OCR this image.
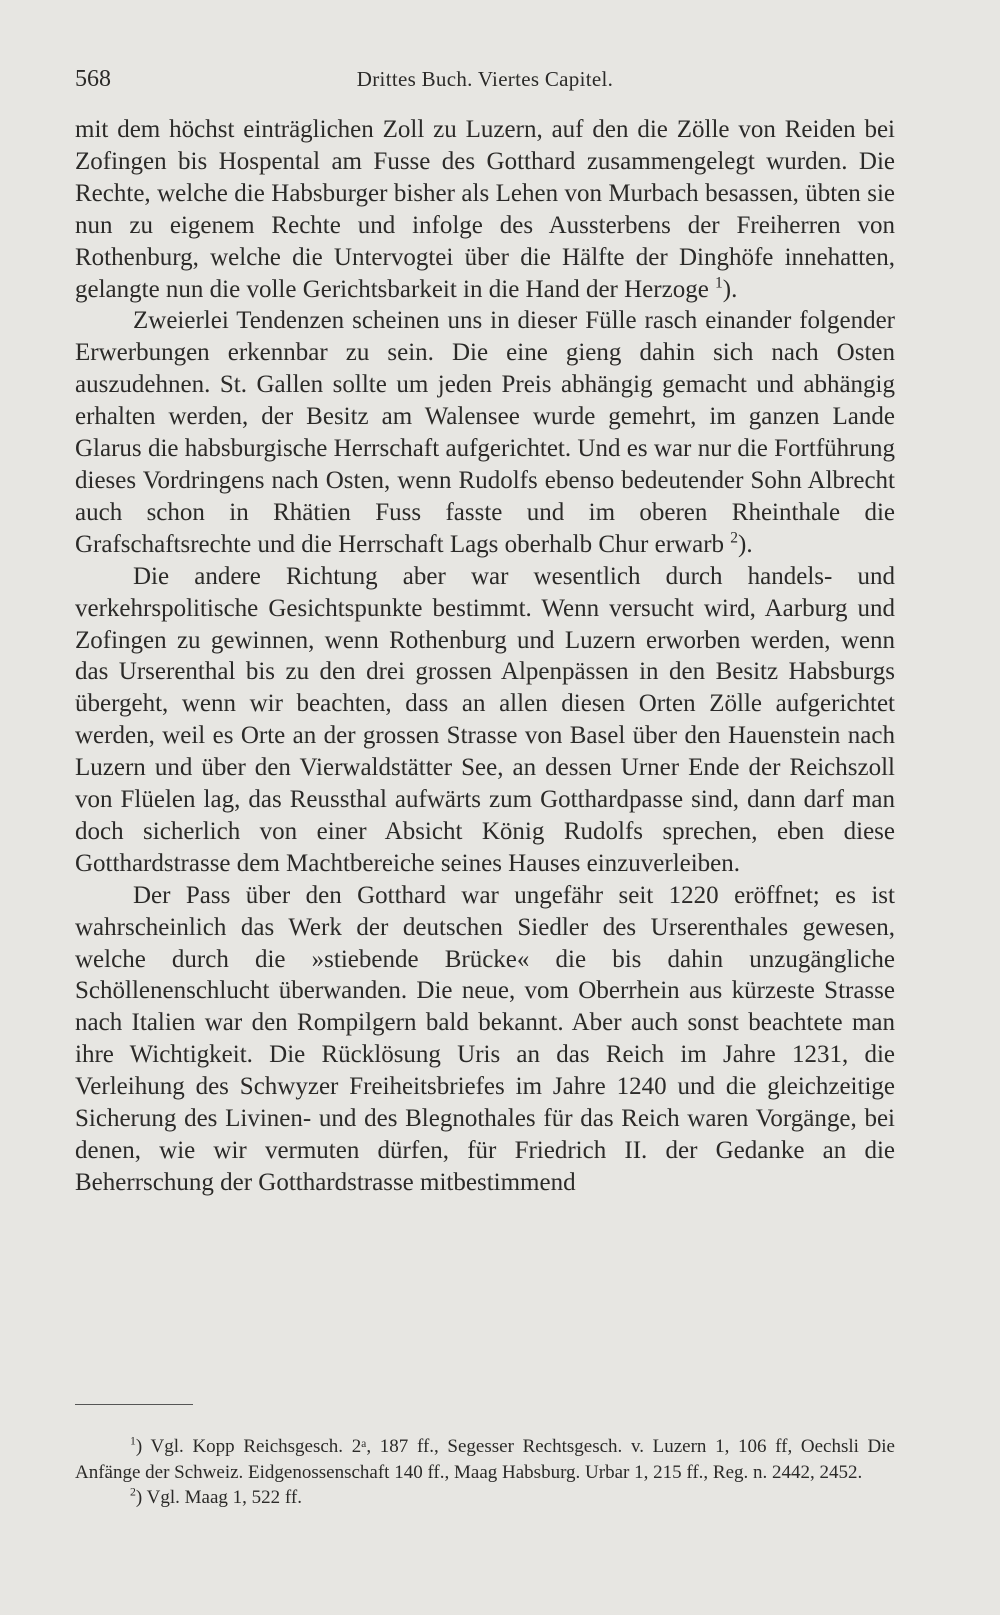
568	Drittes Buch. Viertes Capitel.

mit dem höchst einträglichen Zoll zu Luzern, auf den die Zölle von Reiden bei Zofingen bis Hospental am Fusse des Gotthard zusammengelegt wurden. Die Rechte, welche die Habsburger bisher als Lehen von Murbach besassen, übten sie nun zu eigenem Rechte und infolge des Aussterbens der Freiherren von Rothenburg, welche die Untervogtei über die Hälfte der Dinghöfe innehatten, gelangte nun die volle Gerichtsbarkeit in die Hand der Herzoge $^1$).

Zweierlei Tendenzen scheinen uns in dieser Fülle rasch einander folgender Erwerbungen erkennbar zu sein. Die eine gieng dahin sich nach Osten auszudehnen. St. Gallen sollte um jeden Preis abhängig gemacht und abhängig erhalten werden, der Besitz am Walensee wurde gemehrt, im ganzen Lande Glarus die habsburgische Herrschaft aufgerichtet. Und es war nur die Fortführung dieses Vordringens nach Osten, wenn Rudolfs ebenso bedeutender Sohn Albrecht auch schon in Rhätien Fuss fasste und im oberen Rheinthale die Grafschaftsrechte und die Herrschaft Lags oberhalb Chur erwarb $^2$).

Die andere Richtung aber war wesentlich durch handels- und verkehrspolitische Gesichtspunkte bestimmt. Wenn versucht wird, Aarburg und Zofingen zu gewinnen, wenn Rothenburg und Luzern erworben werden, wenn das Urserenthal bis zu den drei grossen Alpenpässen in den Besitz Habsburgs übergeht, wenn wir beachten, dass an allen diesen Orten Zölle aufgerichtet werden, weil es Orte an der grossen Strasse von Basel über den Hauenstein nach Luzern und über den Vierwaldstätter See, an dessen Urner Ende der Reichszoll von Flüelen lag, das Reussthal aufwärts zum Gotthardpasse sind, dann darf man doch sicherlich von einer Absicht König Rudolfs sprechen, eben diese Gotthardstrasse dem Machtbereiche seines Hauses einzuverleiben.

Der Pass über den Gotthard war ungefähr seit 1220 eröffnet; es ist wahrscheinlich das Werk der deutschen Siedler des Urserenthales gewesen, welche durch die »stiebende Brücke« die bis dahin unzugängliche Schöllenenschlucht überwanden. Die neue, vom Oberrhein aus kürzeste Strasse nach Italien war den Rompilgern bald bekannt. Aber auch sonst beachtete man ihre Wichtigkeit. Die Rücklösung Uris an das Reich im Jahre 1231, die Verleihung des Schwyzer Freiheitsbriefes im Jahre 1240 und die gleichzeitige Sicherung des Livinen- und des Blegnothales für das Reich waren Vorgänge, bei denen, wie wir vermuten dürfen, für Friedrich II. der Gedanke an die Beherrschung der Gotthardstrasse mitbestimmend

$^1$) Vgl. Kopp Reichsgesch. 2ᵃ, 187 ff., Segesser Rechtsgesch. v. Luzern 1, 106 ff, Oechsli Die Anfänge der Schweiz. Eidgenossenschaft 140 ff., Maag Habsburg. Urbar 1, 215 ff., Reg. n. 2442, 2452.

$^2$) Vgl. Maag 1, 522 ff.
